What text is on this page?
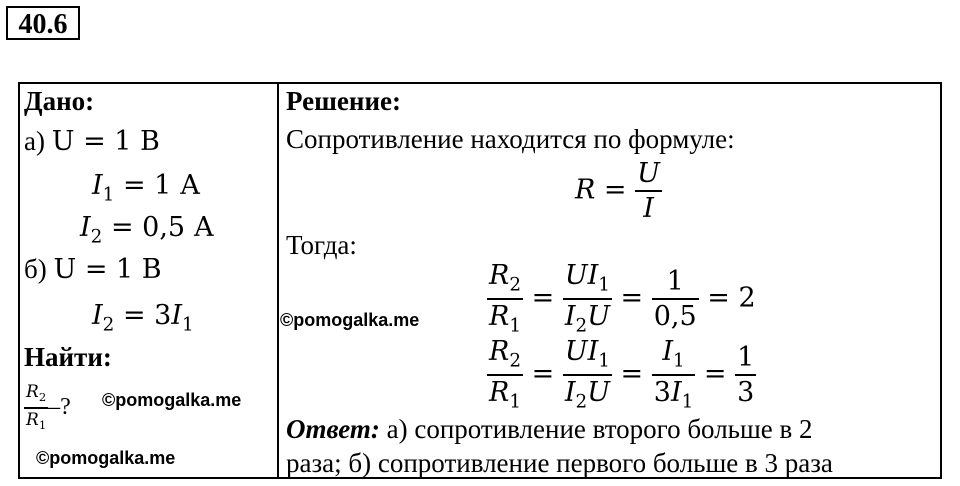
40.6
Дано:
а) U = 1 В
$I_1 = 1$ А
$I_2 = 0,5$ А
б) U = 1 В
$I_2 = 3I_1$
Найти:
$\frac{R_2}{R_1}$ –? ©pomogalka.me
©pomogalka.me
Решение:
Сопротивление находится по формуле:
$R = \frac{U}{I}$
Тогда:
©pomogalka.me	$\frac{R_2}{R_1} = \frac{UI_1}{I_2U} = \frac{1}{0,5} = 2$
$\frac{R_2}{R_1} = \frac{UI_1}{I_2U} = \frac{I_1}{3I_1} = \frac{1}{3}$
Ответ: а) сопротивление второго больше в 2
раза; б) сопротивление первого больше в 3 раза
